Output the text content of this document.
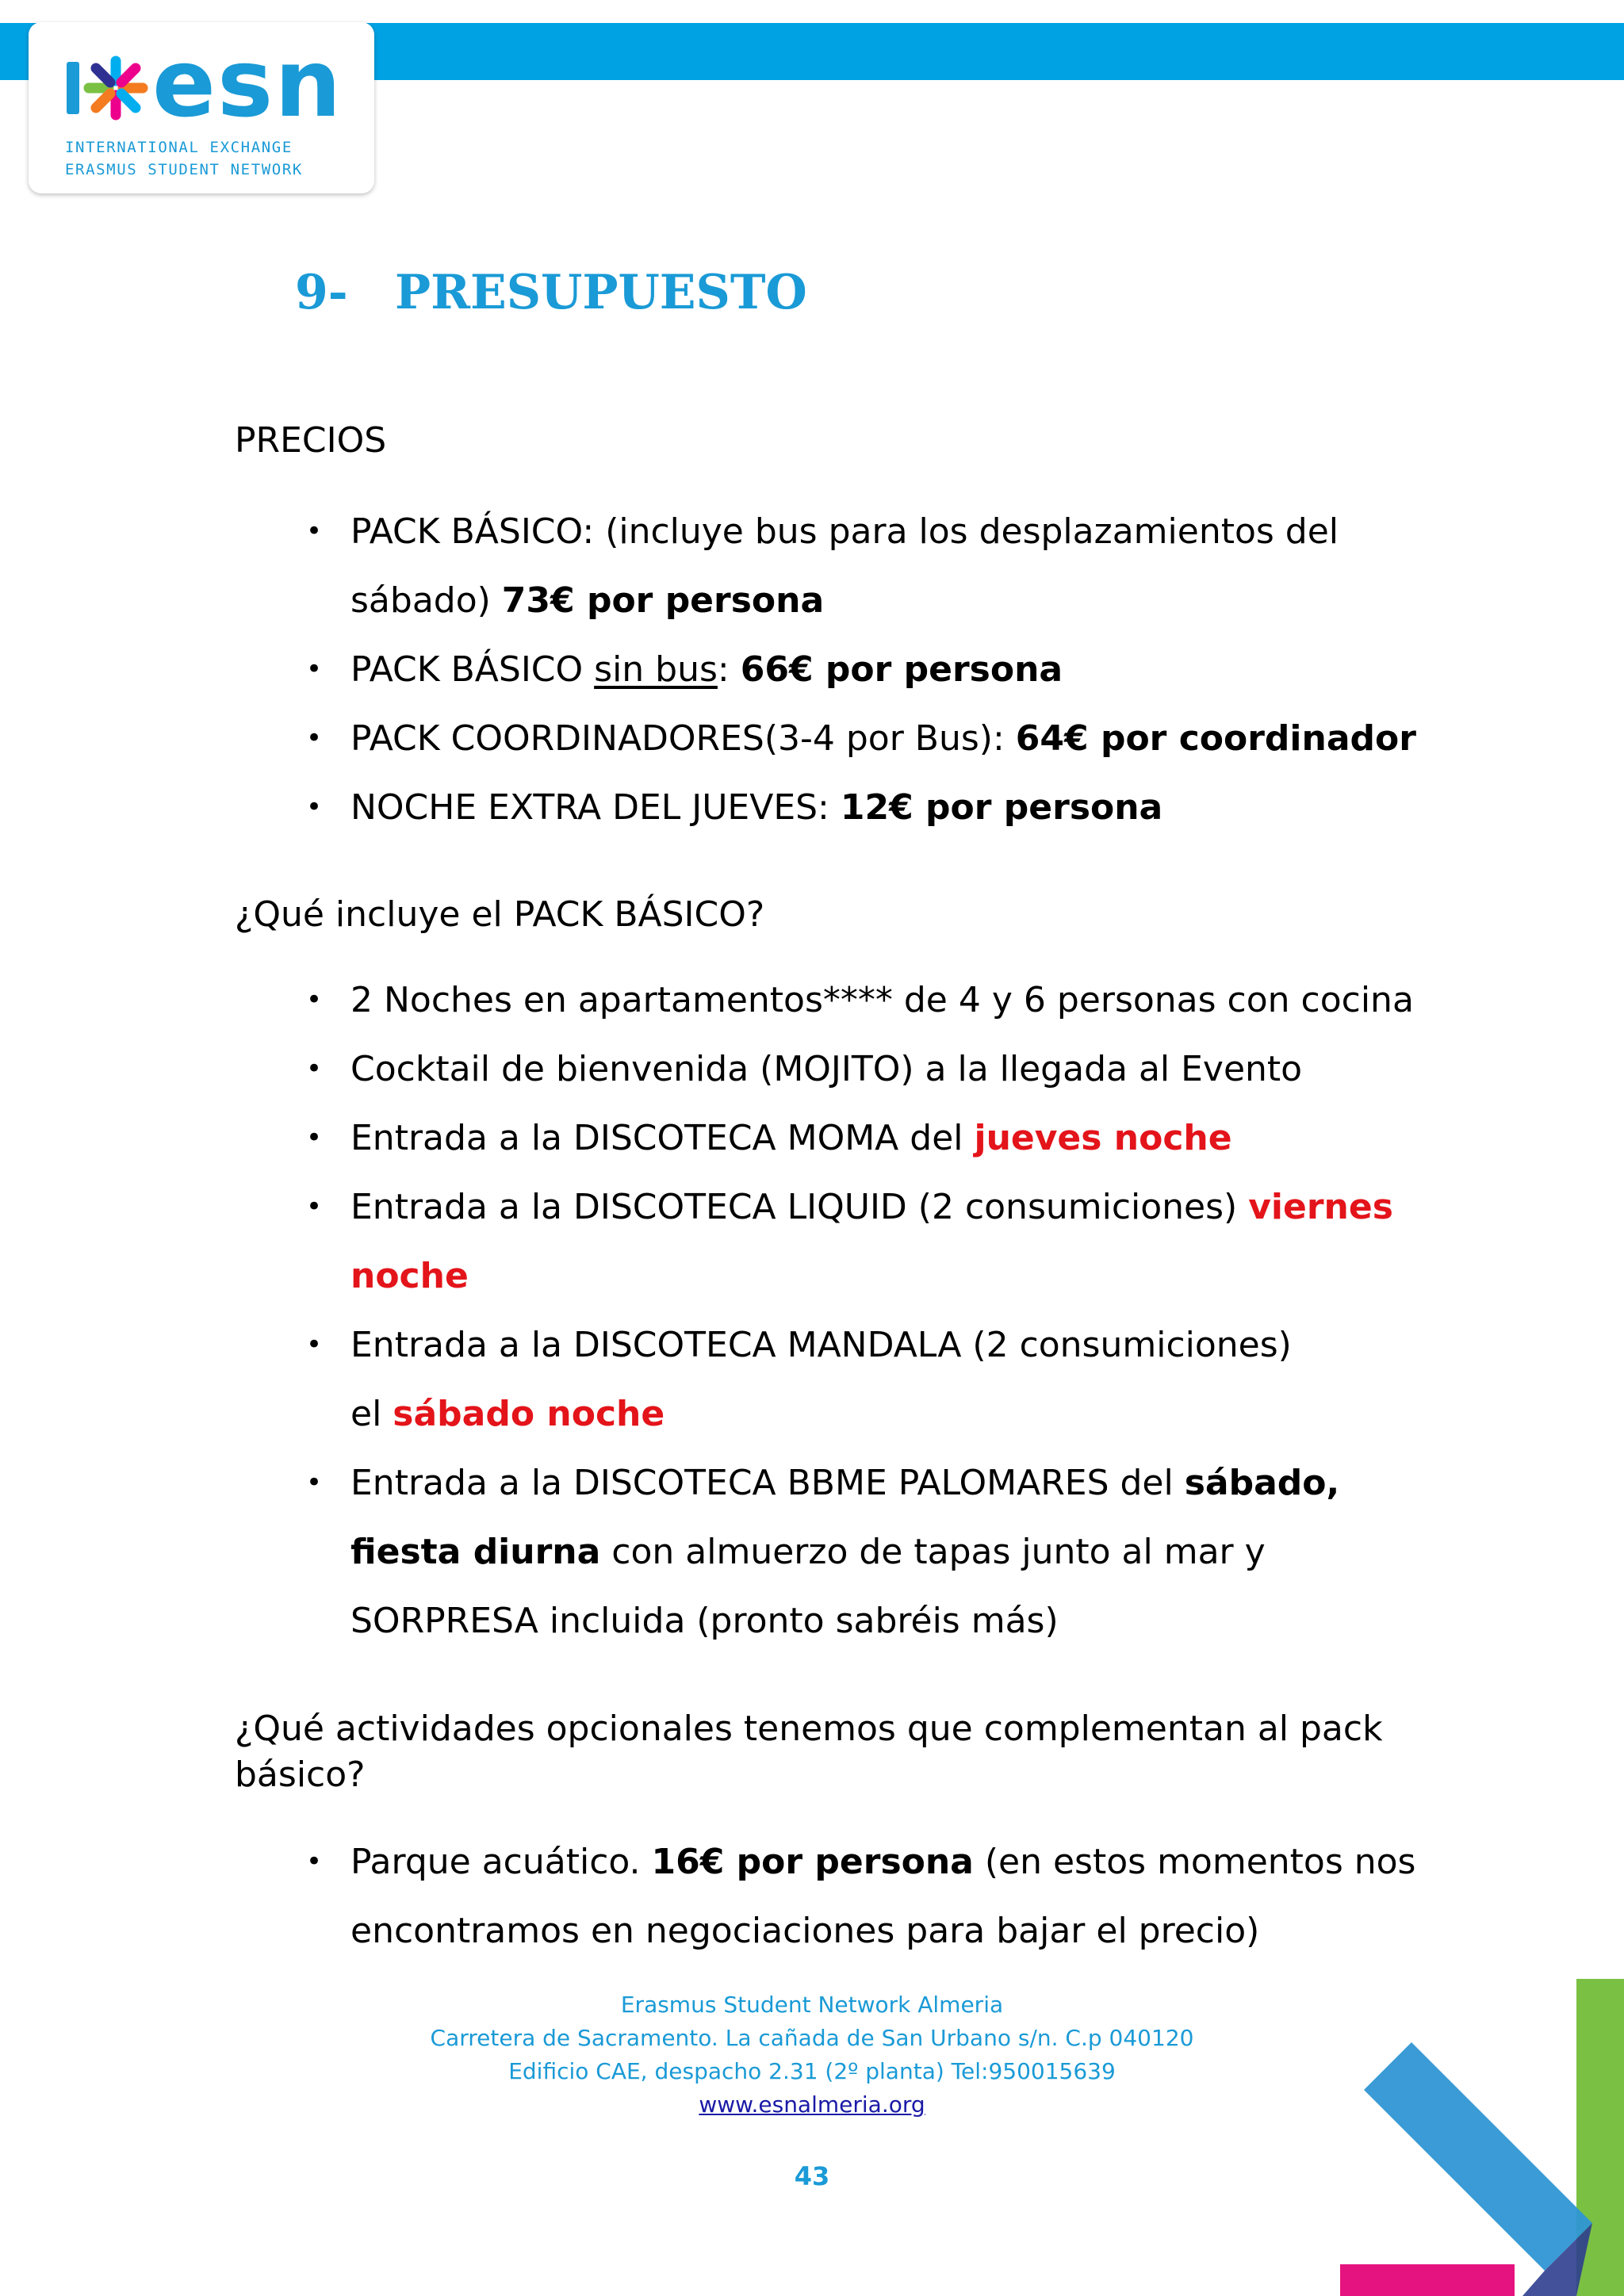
esn
INTERNATIONAL EXCHANGE
ERASMUS STUDENT NETWORK
9- PRESUPUESTO
PRECIOS
• PACK BÁSICO: (incluye bus para los desplazamientos del
sábado) 73€ por persona
• PACK BÁSICO sin bus: 66€ por persona
• PACK COORDINADORES(3-4 por Bus): 64€ por coordinador
• NOCHE EXTRA DEL JUEVES: 12€ por persona
¿Qué incluye el PACK BÁSICO?
• 2 Noches en apartamentos**** de 4 y 6 personas con cocina
• Cocktail de bienvenida (MOJITO) a la llegada al Evento
• Entrada a la DISCOTECA MOMA del jueves noche
• Entrada a la DISCOTECA LIQUID (2 consumiciones) viernes
noche
• Entrada a la DISCOTECA MANDALA (2 consumiciones)
el sábado noche
• Entrada a la DISCOTECA BBME PALOMARES del sábado,
fiesta diurna con almuerzo de tapas junto al mar y
SORPRESA incluida (pronto sabréis más)
¿Qué actividades opcionales tenemos que complementan al pack
básico?
• Parque acuático. 16€ por persona (en estos momentos nos
encontramos en negociaciones para bajar el precio)
Erasmus Student Network Almeria
Carretera de Sacramento. La cañada de San Urbano s/n. C.p 040120
Edificio CAE, despacho 2.31 (2º planta) Tel:950015639
www.esnalmeria.org
43
